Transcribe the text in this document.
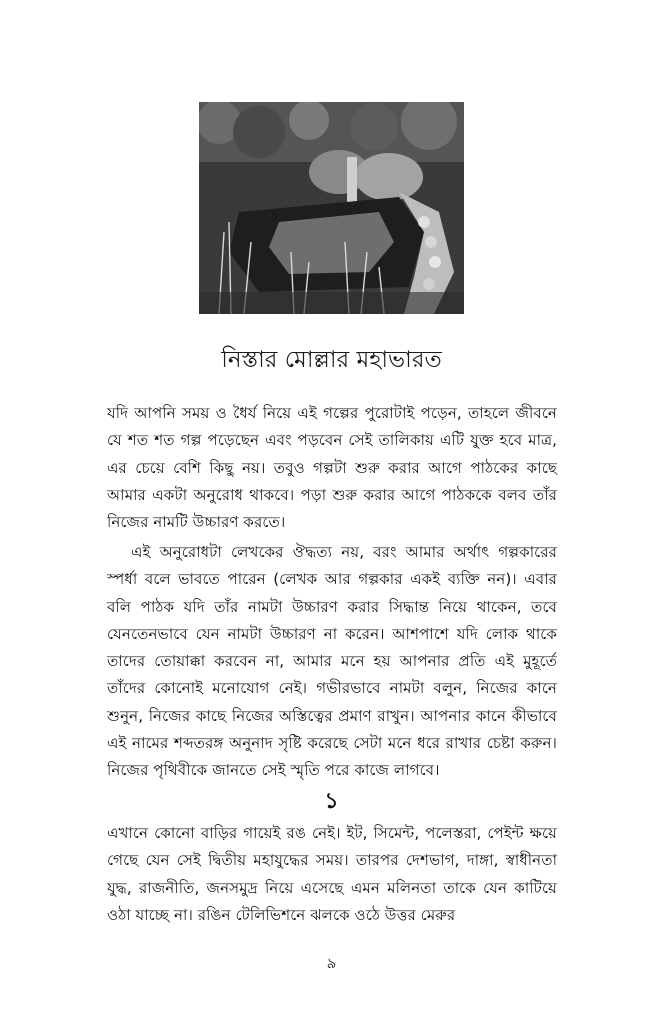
নিস্তার মোল্লার মহাভারত

যদি আপনি সময় ও ধৈর্য নিয়ে এই গল্পের পুরোটাই পড়েন, তাহলে জীবনে যে শত শত গল্প পড়েছেন এবং পড়বেন সেই তালিকায় এটি যুক্ত হবে মাত্র, এর চেয়ে বেশি কিছু নয়। তবুও গল্পটা শুরু করার আগে পাঠকের কাছে আমার একটা অনুরোধ থাকবে। পড়া শুরু করার আগে পাঠককে বলব তাঁর নিজের নামটি উচ্চারণ করতে।

এই অনুরোধটা লেখকের ঔদ্ধত্য নয়, বরং আমার অর্থাৎ গল্পকারের স্পর্ধা বলে ভাবতে পারেন (লেখক আর গল্পকার একই ব্যক্তি নন)। এবার বলি পাঠক যদি তাঁর নামটা উচ্চারণ করার সিদ্ধান্ত নিয়ে থাকেন, তবে যেনতেনভাবে যেন নামটা উচ্চারণ না করেন। আশপাশে যদি লোক থাকে তাদের তোয়াক্কা করবেন না, আমার মনে হয় আপনার প্রতি এই মুহূর্তে তাঁদের কোনোই মনোযোগ নেই। গভীরভাবে নামটা বলুন, নিজের কানে শুনুন, নিজের কাছে নিজের অস্তিত্বের প্রমাণ রাখুন। আপনার কানে কীভাবে এই নামের শব্দতরঙ্গ অনুনাদ সৃষ্টি করেছে সেটা মনে ধরে রাখার চেষ্টা করুন। নিজের পৃথিবীকে জানতে সেই স্মৃতি পরে কাজে লাগবে।

১

এখানে কোনো বাড়ির গায়েই রঙ নেই। ইট, সিমেন্ট, পলেস্তরা, পেইন্ট ক্ষয়ে গেছে যেন সেই দ্বিতীয় মহাযুদ্ধের সময়। তারপর দেশভাগ, দাঙ্গা, স্বাধীনতা যুদ্ধ, রাজনীতি, জনসমুদ্র নিয়ে এসেছে এমন মলিনতা তাকে যেন কাটিয়ে ওঠা যাচ্ছে না। রঙিন টেলিভিশনে ঝলকে ওঠে উত্তর মেরুর

৯
